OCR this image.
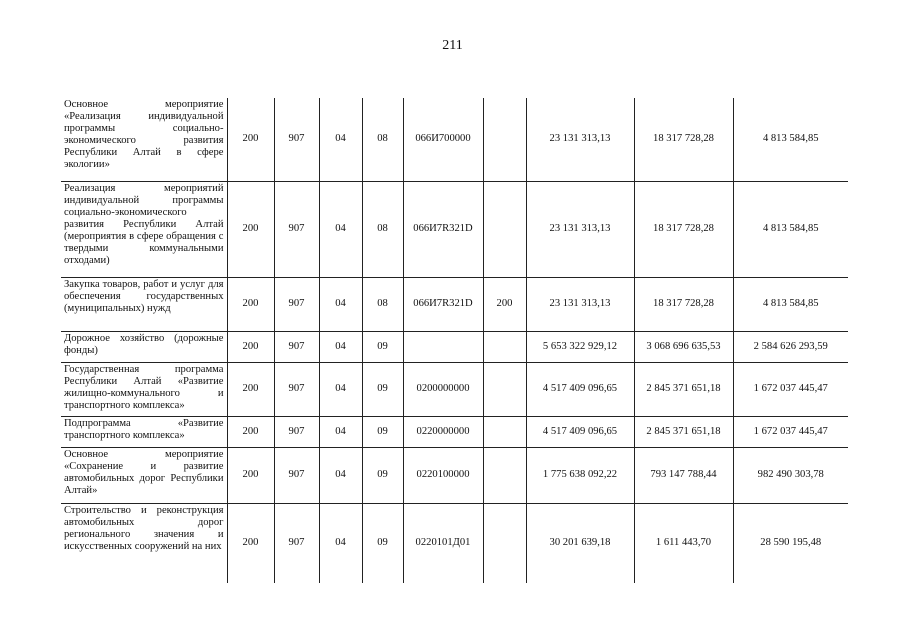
211
Основное мероприятие «Реализация индивидуальной программы социально-экономического развития Республики Алтай в сфере экологии»	200	907	04	08	066И700000		23 131 313,13	18 317 728,28	4 813 584,85
Реализация мероприятий индивидуальной программы социально-экономического развития Республики Алтай (мероприятия в сфере обращения с твердыми коммунальными отходами)	200	907	04	08	066И7R321D		23 131 313,13	18 317 728,28	4 813 584,85
Закупка товаров, работ и услуг для обеспечения государственных (муниципальных) нужд	200	907	04	08	066И7R321D	200	23 131 313,13	18 317 728,28	4 813 584,85
Дорожное хозяйство (дорожные фонды)	200	907	04	09			5 653 322 929,12	3 068 696 635,53	2 584 626 293,59
Государственная программа Республики Алтай «Развитие жилищно-коммунального и транспортного комплекса»	200	907	04	09	0200000000		4 517 409 096,65	2 845 371 651,18	1 672 037 445,47
Подпрограмма «Развитие транспортного комплекса»	200	907	04	09	0220000000		4 517 409 096,65	2 845 371 651,18	1 672 037 445,47
Основное мероприятие «Сохранение и развитие автомобильных дорог Республики Алтай»	200	907	04	09	0220100000		1 775 638 092,22	793 147 788,44	982 490 303,78
Строительство и реконструкция автомобильных дорог регионального значения и искусственных сооружений на них	200	907	04	09	0220101Д01		30 201 639,18	1 611 443,70	28 590 195,48
